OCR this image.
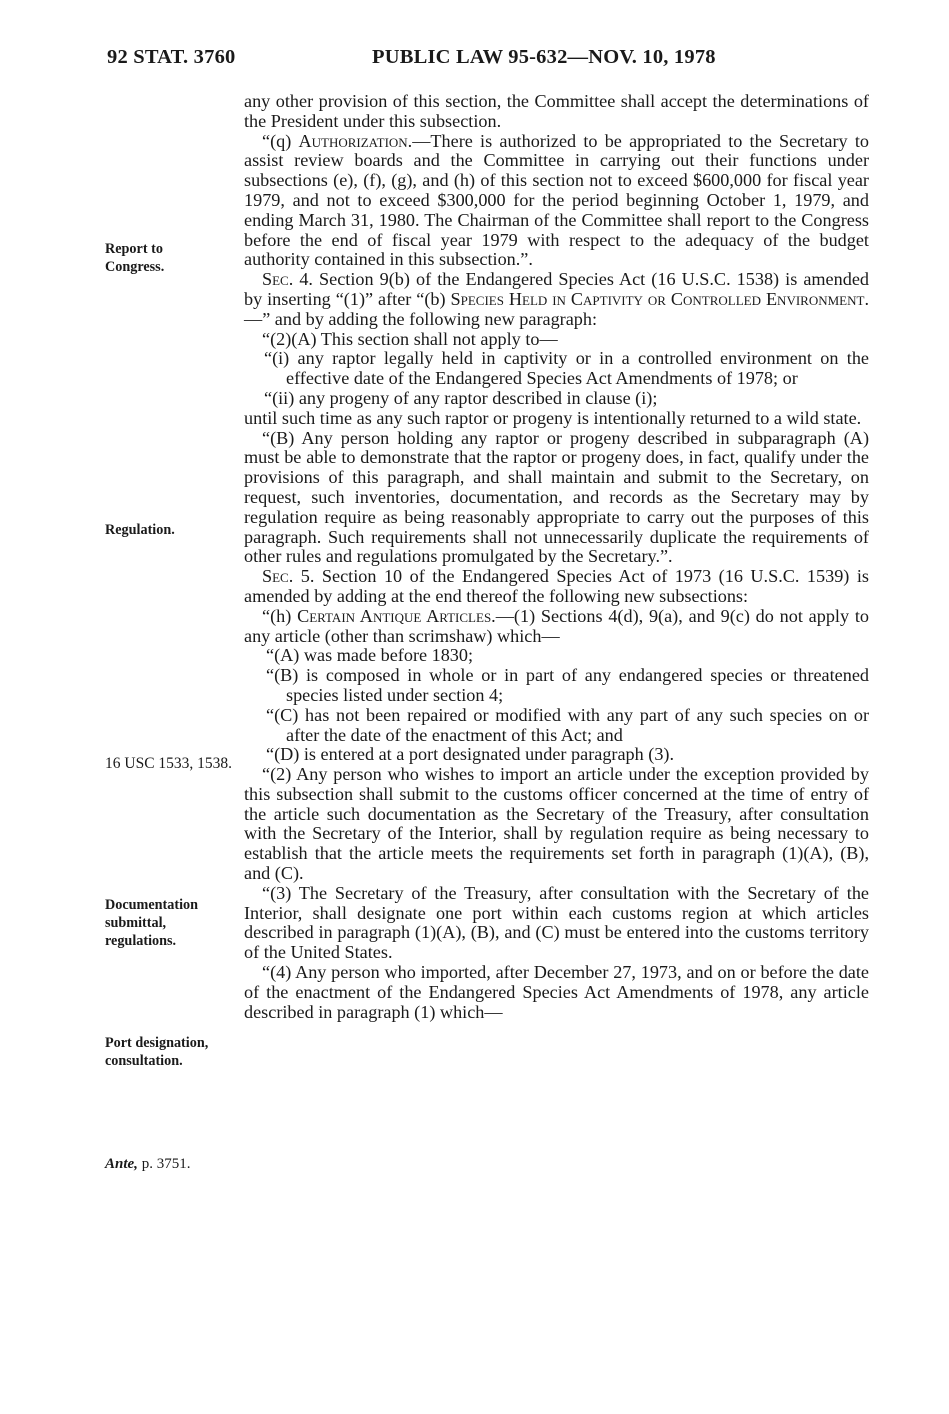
92 STAT. 3760	PUBLIC LAW 95-632—NOV. 10, 1978
Report to Congress.
Regulation.
16 USC 1533, 1538.
Documentation submittal, regulations.
Port designation, consultation.
Ante, p. 3751.

any other provision of this section, the Committee shall accept the determinations of the President under this subsection.

“(q) Authorization.—There is authorized to be appropriated to the Secretary to assist review boards and the Committee in carrying out their functions under subsections (e), (f), (g), and (h) of this section not to exceed $600,000 for fiscal year 1979, and not to exceed $300,000 for the period beginning October 1, 1979, and ending March 31, 1980. The Chairman of the Committee shall report to the Congress before the end of fiscal year 1979 with respect to the adequacy of the budget authority contained in this subsection.”.

Sec. 4. Section 9(b) of the Endangered Species Act (16 U.S.C. 1538) is amended by inserting “(1)” after “(b) Species Held in Captivity or Controlled Environment.—” and by adding the following new paragraph:

“(2)(A) This section shall not apply to—

“(i) any raptor legally held in captivity or in a controlled environment on the effective date of the Endangered Species Act Amendments of 1978; or

“(ii) any progeny of any raptor described in clause (i);

until such time as any such raptor or progeny is intentionally returned to a wild state.

“(B) Any person holding any raptor or progeny described in subparagraph (A) must be able to demonstrate that the raptor or progeny does, in fact, qualify under the provisions of this paragraph, and shall maintain and submit to the Secretary, on request, such inventories, documentation, and records as the Secretary may by regulation require as being reasonably appropriate to carry out the purposes of this paragraph. Such requirements shall not unnecessarily duplicate the requirements of other rules and regulations promulgated by the Secretary.”.

Sec. 5. Section 10 of the Endangered Species Act of 1973 (16 U.S.C. 1539) is amended by adding at the end thereof the following new subsections:

“(h) Certain Antique Articles.—(1) Sections 4(d), 9(a), and 9(c) do not apply to any article (other than scrimshaw) which—

“(A) was made before 1830;

“(B) is composed in whole or in part of any endangered species or threatened species listed under section 4;

“(C) has not been repaired or modified with any part of any such species on or after the date of the enactment of this Act; and

“(D) is entered at a port designated under paragraph (3).

“(2) Any person who wishes to import an article under the exception provided by this subsection shall submit to the customs officer concerned at the time of entry of the article such documentation as the Secretary of the Treasury, after consultation with the Secretary of the Interior, shall by regulation require as being necessary to establish that the article meets the requirements set forth in paragraph (1)(A), (B), and (C).

“(3) The Secretary of the Treasury, after consultation with the Secretary of the Interior, shall designate one port within each customs region at which articles described in paragraph (1)(A), (B), and (C) must be entered into the customs territory of the United States.

“(4) Any person who imported, after December 27, 1973, and on or before the date of the enactment of the Endangered Species Act Amendments of 1978, any article described in paragraph (1) which—
